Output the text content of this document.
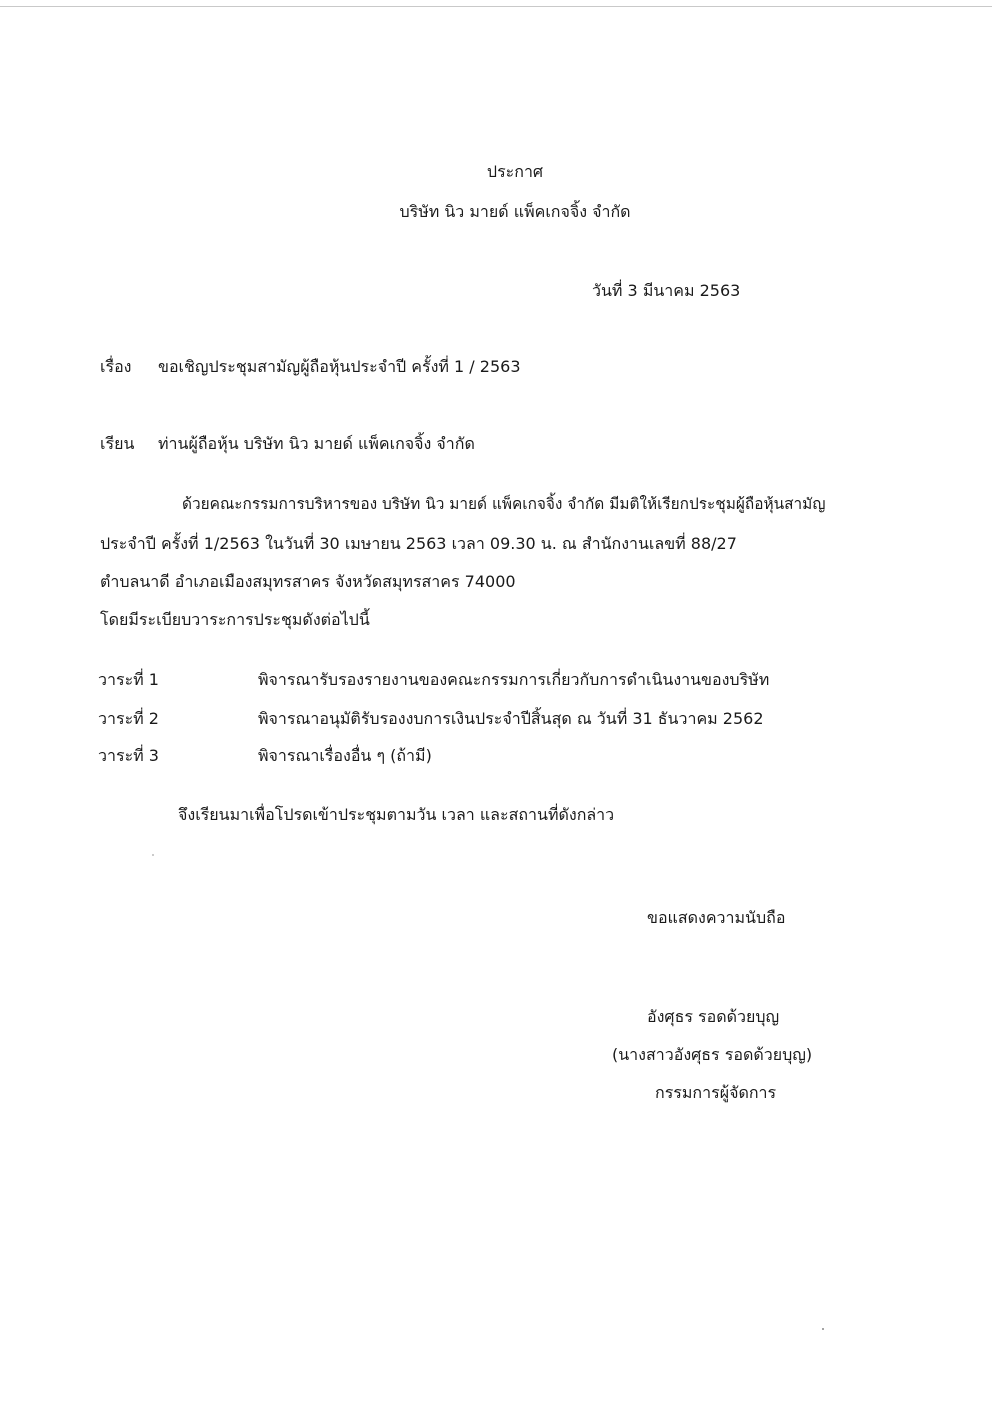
ประกาศ
บริษัท นิว มายด์ แพ็คเกจจิ้ง จำกัด
วันที่ 3 มีนาคม 2563
เรื่อง ขอเชิญประชุมสามัญผู้ถือหุ้นประจำปี ครั้งที่ 1 / 2563
เรียน ท่านผู้ถือหุ้น บริษัท นิว มายด์ แพ็คเกจจิ้ง จำกัด
ด้วยคณะกรรมการบริหารของ บริษัท นิว มายด์ แพ็คเกจจิ้ง จำกัด มีมติให้เรียกประชุมผู้ถือหุ้นสามัญ
ประจำปี ครั้งที่ 1/2563 ในวันที่ 30 เมษายน 2563 เวลา 09.30 น. ณ สำนักงานเลขที่ 88/27
ตำบลนาดี อำเภอเมืองสมุทรสาคร จังหวัดสมุทรสาคร 74000
โดยมีระเบียบวาระการประชุมดังต่อไปนี้
วาระที่ 1	พิจารณารับรองรายงานของคณะกรรมการเกี่ยวกับการดำเนินงานของบริษัท
วาระที่ 2	พิจารณาอนุมัติรับรองงบการเงินประจำปีสิ้นสุด ณ วันที่ 31 ธันวาคม 2562
วาระที่ 3	พิจารณาเรื่องอื่น ๆ (ถ้ามี)
จึงเรียนมาเพื่อโปรดเข้าประชุมตามวัน เวลา และสถานที่ดังกล่าว
ขอแสดงความนับถือ
อังศุธร รอดด้วยบุญ
(นางสาวอังศุธร รอดด้วยบุญ)
กรรมการผู้จัดการ
